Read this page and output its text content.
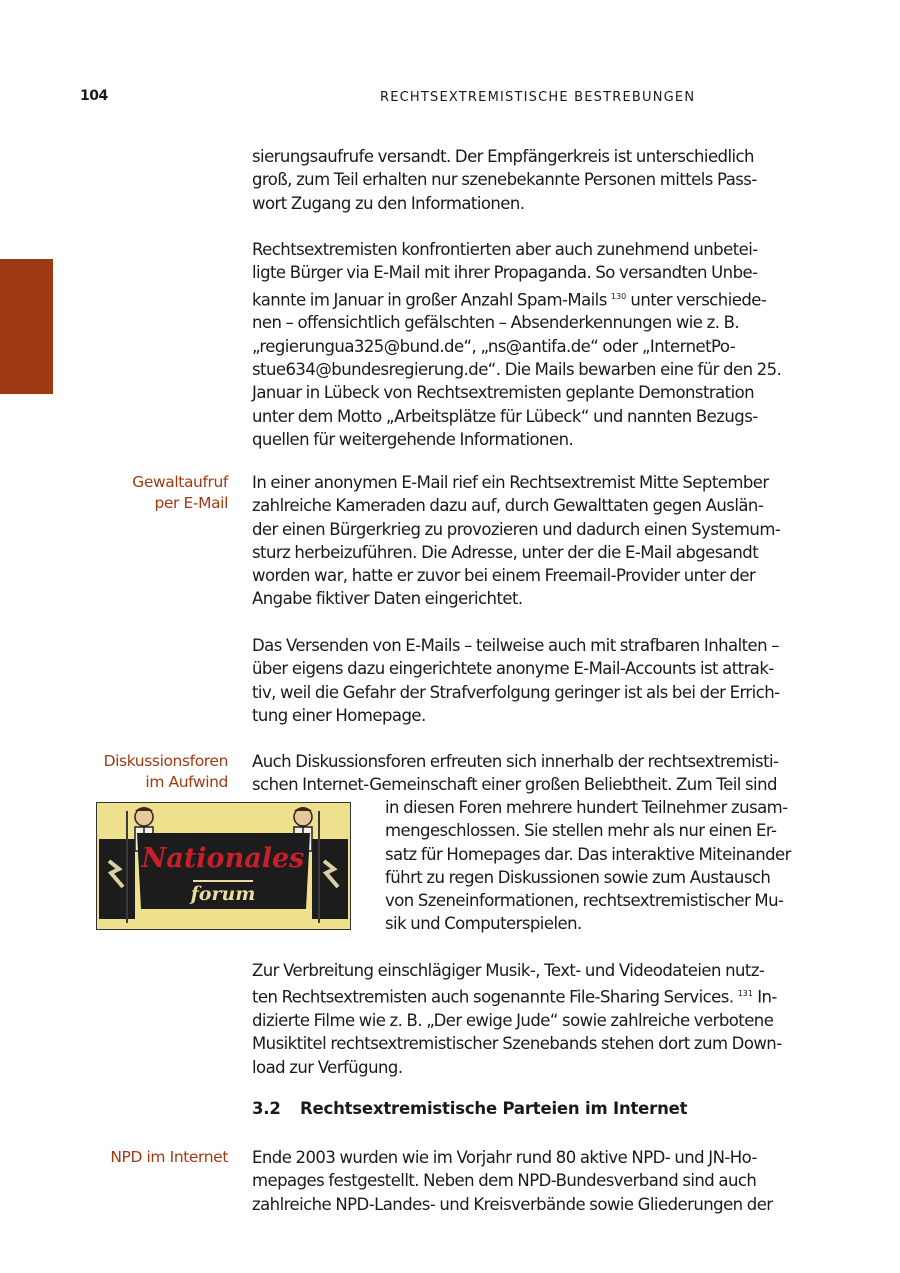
104	RECHTSEXTREMISTISCHE BESTREBUNGEN

sierungsaufrufe versandt. Der Empfängerkreis ist unterschiedlich
groß, zum Teil erhalten nur szenebekannte Personen mittels Pass-
wort Zugang zu den Informationen.

Rechtsextremisten konfrontierten aber auch zunehmend unbetei-
ligte Bürger via E-Mail mit ihrer Propaganda. So versandten Unbe-
kannte im Januar in großer Anzahl Spam-Mails $^{130}$ unter verschiede-
nen – offensichtlich gefälschten – Absenderkennungen wie z. B.
„regierungua325@bund.de“, „ns@antifa.de“ oder „InternetPo-
stue634@bundesregierung.de“. Die Mails bewarben eine für den 25.
Januar in Lübeck von Rechtsextremisten geplante Demonstration
unter dem Motto „Arbeitsplätze für Lübeck“ und nannten Bezugs-
quellen für weitergehende Informationen.

Gewaltaufruf
per E-Mail

In einer anonymen E-Mail rief ein Rechtsextremist Mitte September
zahlreiche Kameraden dazu auf, durch Gewalttaten gegen Auslän-
der einen Bürgerkrieg zu provozieren und dadurch einen Systemum-
sturz herbeizuführen. Die Adresse, unter der die E-Mail abgesandt
worden war, hatte er zuvor bei einem Freemail-Provider unter der
Angabe fiktiver Daten eingerichtet.

Das Versenden von E-Mails – teilweise auch mit strafbaren Inhalten –
über eigens dazu eingerichtete anonyme E-Mail-Accounts ist attrak-
tiv, weil die Gefahr der Strafverfolgung geringer ist als bei der Errich-
tung einer Homepage.

Diskussionsforen
im Aufwind

Auch Diskussionsforen erfreuten sich innerhalb der rechtsextremisti-
schen Internet-Gemeinschaft einer großen Beliebtheit. Zum Teil sind

Nationales
forum

in diesen Foren mehrere hundert Teilnehmer zusam-
mengeschlossen. Sie stellen mehr als nur einen Er-
satz für Homepages dar. Das interaktive Miteinander
führt zu regen Diskussionen sowie zum Austausch
von Szeneinformationen, rechtsextremistischer Mu-
sik und Computerspielen.

Zur Verbreitung einschlägiger Musik-, Text- und Videodateien nutz-
ten Rechtsextremisten auch sogenannte File-Sharing Services. $^{131}$ In-
dizierte Filme wie z. B. „Der ewige Jude“ sowie zahlreiche verbotene
Musiktitel rechtsextremistischer Szenebands stehen dort zum Down-
load zur Verfügung.

3.2 Rechtsextremistische Parteien im Internet

NPD im Internet Ende 2003 wurden wie im Vorjahr rund 80 aktive NPD- und JN-Ho-
mepages festgestellt. Neben dem NPD-Bundesverband sind auch
zahlreiche NPD-Landes- und Kreisverbände sowie Gliederungen der
